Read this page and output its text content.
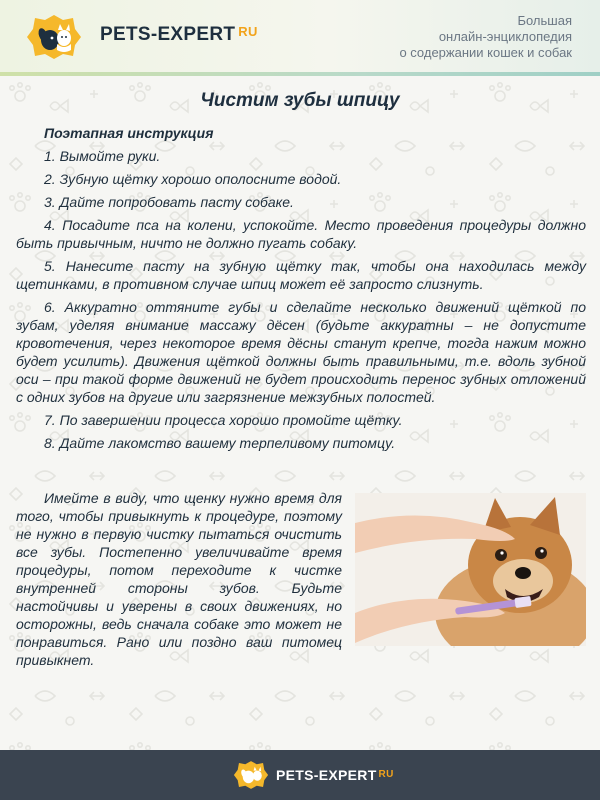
PETS-EXPERT $^{RU}$
Большая
онлайн-энциклопедия
о содержании кошек и собак
Чистим зубы шпицу

Поэтапная инструкция

1. Вымойте руки.

2. Зубную щётку хорошо ополосните водой.

3. Дайте попробовать пасту собаке.

4. Посадите пса на колени, успокойте. Место проведения процедуры должно быть привычным, ничто не должно пугать собаку.

5. Нанесите пасту на зубную щётку так, чтобы она находилась между щетинками, в противном случае шпиц может её запросто слизнуть.

6. Аккуратно оттяните губы и сделайте несколько движений щёткой по зубам, уделяя внимание массажу дёсен (будьте аккуратны – не допустите кровотечения, через некоторое время дёсны станут крепче, тогда нажим можно будет усилить). Движения щёткой должны быть правильными, т.е. вдоль зубной оси – при такой форме движений не будет происходить перенос зубных отложений с одних зубов на другие или загрязнение межзубных полостей.

7. По завершении процесса хорошо промойте щётку.

8. Дайте лакомство вашему терпеливому питомцу.

Имейте в виду, что щенку нужно время для того, чтобы привыкнуть к процедуре, поэтому не нужно в первую чистку пытаться очистить все зубы. Постепенно увеличивайте время процедуры, потом переходите к чистке внутренней стороны зубов. Будьте настойчивы и уверены в своих движениях, но осторожны, ведь сначала собаке это может не понравиться. Рано или поздно ваш питомец привыкнет.

PETS-EXPERT $^{RU}$
